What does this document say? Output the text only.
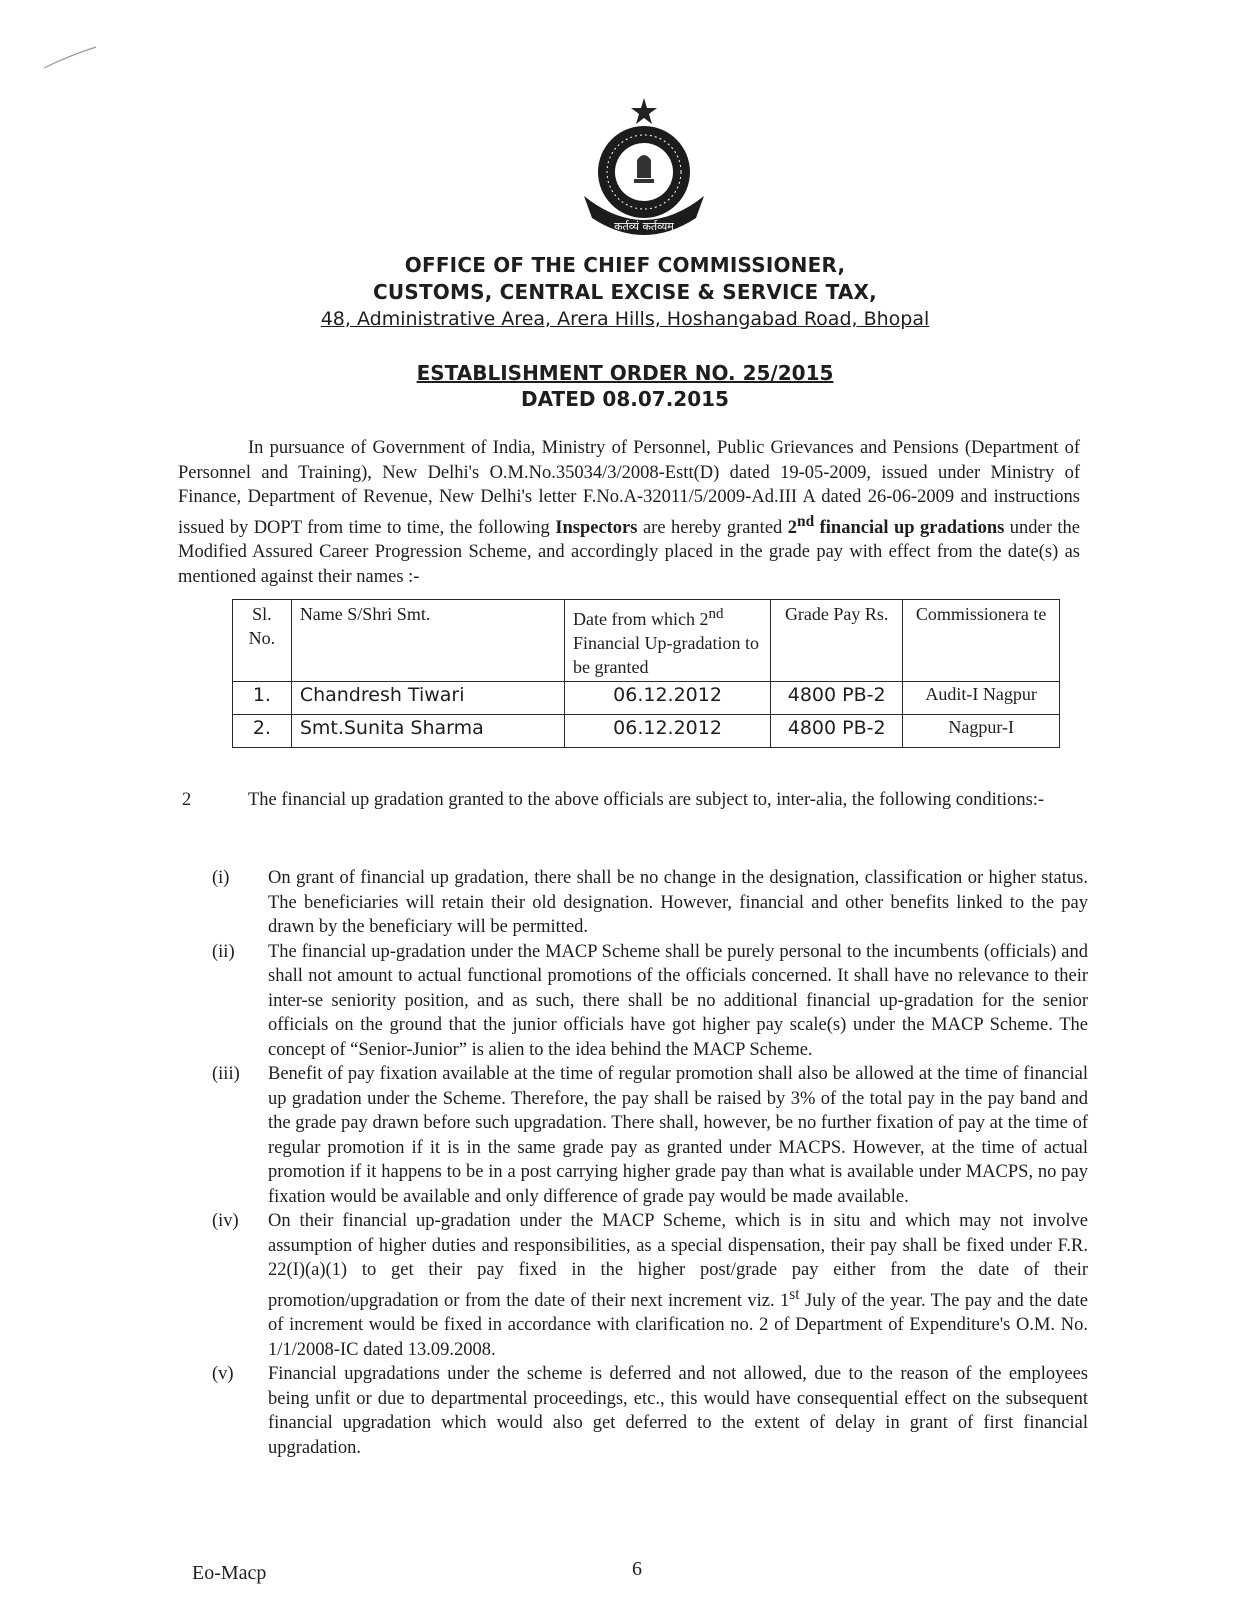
कर्तव्यं कर्तव्यम्
OFFICE OF THE CHIEF COMMISSIONER,
CUSTOMS, CENTRAL EXCISE & SERVICE TAX,
48, Administrative Area, Arera Hills, Hoshangabad Road, Bhopal
ESTABLISHMENT ORDER NO. 25/2015
DATED 08.07.2015

In pursuance of Government of India, Ministry of Personnel, Public Grievances and Pensions (Department of Personnel and Training), New Delhi's O.M.No.35034/3/2008-Estt(D) dated 19-05-2009, issued under Ministry of Finance, Department of Revenue, New Delhi's letter F.No.A-32011/5/2009-Ad.III A dated 26-06-2009 and instructions issued by DOPT from time to time, the following Inspectors are hereby granted 2nd financial up gradations under the Modified Assured Career Progression Scheme, and accordingly placed in the grade pay with effect from the date(s) as mentioned against their names :-

Sl. No.	Name S/Shri Smt.	Date from which 2nd Financial Up-gradation to be granted	Grade Pay Rs.	Commissionera te
1.	Chandresh Tiwari	06.12.2012	4800 PB-2	Audit-I Nagpur
2.	Smt.Sunita Sharma	06.12.2012	4800 PB-2	Nagpur-I
2	The financial up gradation granted to the above officials are subject to, inter-alia, the following conditions:-
(i)	On grant of financial up gradation, there shall be no change in the designation, classification or higher status. The beneficiaries will retain their old designation. However, financial and other benefits linked to the pay drawn by the beneficiary will be permitted.
(ii)	The financial up-gradation under the MACP Scheme shall be purely personal to the incumbents (officials) and shall not amount to actual functional promotions of the officials concerned. It shall have no relevance to their inter-se seniority position, and as such, there shall be no additional financial up-gradation for the senior officials on the ground that the junior officials have got higher pay scale(s) under the MACP Scheme. The concept of “Senior-Junior” is alien to the idea behind the MACP Scheme.
(iii)	Benefit of pay fixation available at the time of regular promotion shall also be allowed at the time of financial up gradation under the Scheme. Therefore, the pay shall be raised by 3% of the total pay in the pay band and the grade pay drawn before such upgradation. There shall, however, be no further fixation of pay at the time of regular promotion if it is in the same grade pay as granted under MACPS. However, at the time of actual promotion if it happens to be in a post carrying higher grade pay than what is available under MACPS, no pay fixation would be available and only difference of grade pay would be made available.
(iv)	On their financial up-gradation under the MACP Scheme, which is in situ and which may not involve assumption of higher duties and responsibilities, as a special dispensation, their pay shall be fixed under F.R. 22(I)(a)(1) to get their pay fixed in the higher post/grade pay either from the date of their promotion/upgradation or from the date of their next increment viz. 1st July of the year. The pay and the date of increment would be fixed in accordance with clarification no. 2 of Department of Expenditure's O.M. No. 1/1/2008-IC dated 13.09.2008.
(v)	Financial upgradations under the scheme is deferred and not allowed, due to the reason of the employees being unfit or due to departmental proceedings, etc., this would have consequential effect on the subsequent financial upgradation which would also get deferred to the extent of delay in grant of first financial upgradation.
Eo-Macp	6
